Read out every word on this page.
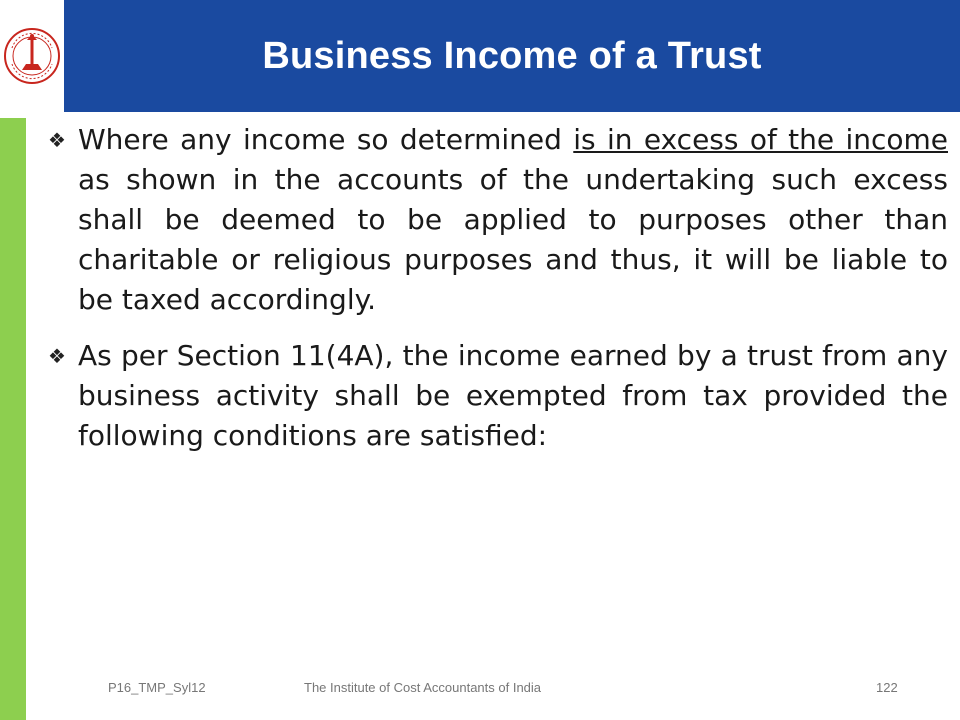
Business Income of a Trust
❖ Where any income so determined is in excess of the income as shown in the accounts of the undertaking such excess shall be deemed to be applied to purposes other than charitable or religious purposes and thus, it will be liable to be taxed accordingly.
❖ As per Section 11(4A), the income earned by a trust from any business activity shall be exempted from tax provided the following conditions are satisfied:
P16_TMP_Syl12	The Institute of Cost Accountants of India	122
